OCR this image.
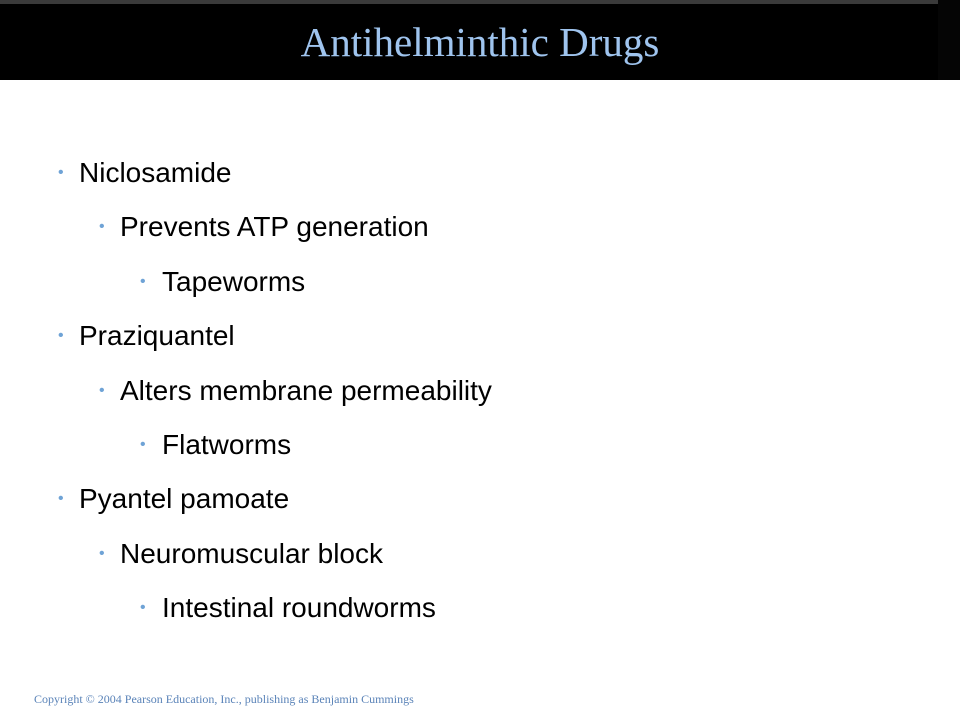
Antihelminthic Drugs
• Niclosamide
• Prevents ATP generation
• Tapeworms
• Praziquantel
• Alters membrane permeability
• Flatworms
• Pyantel pamoate
• Neuromuscular block
• Intestinal roundworms
Copyright © 2004 Pearson Education, Inc., publishing as Benjamin Cummings
